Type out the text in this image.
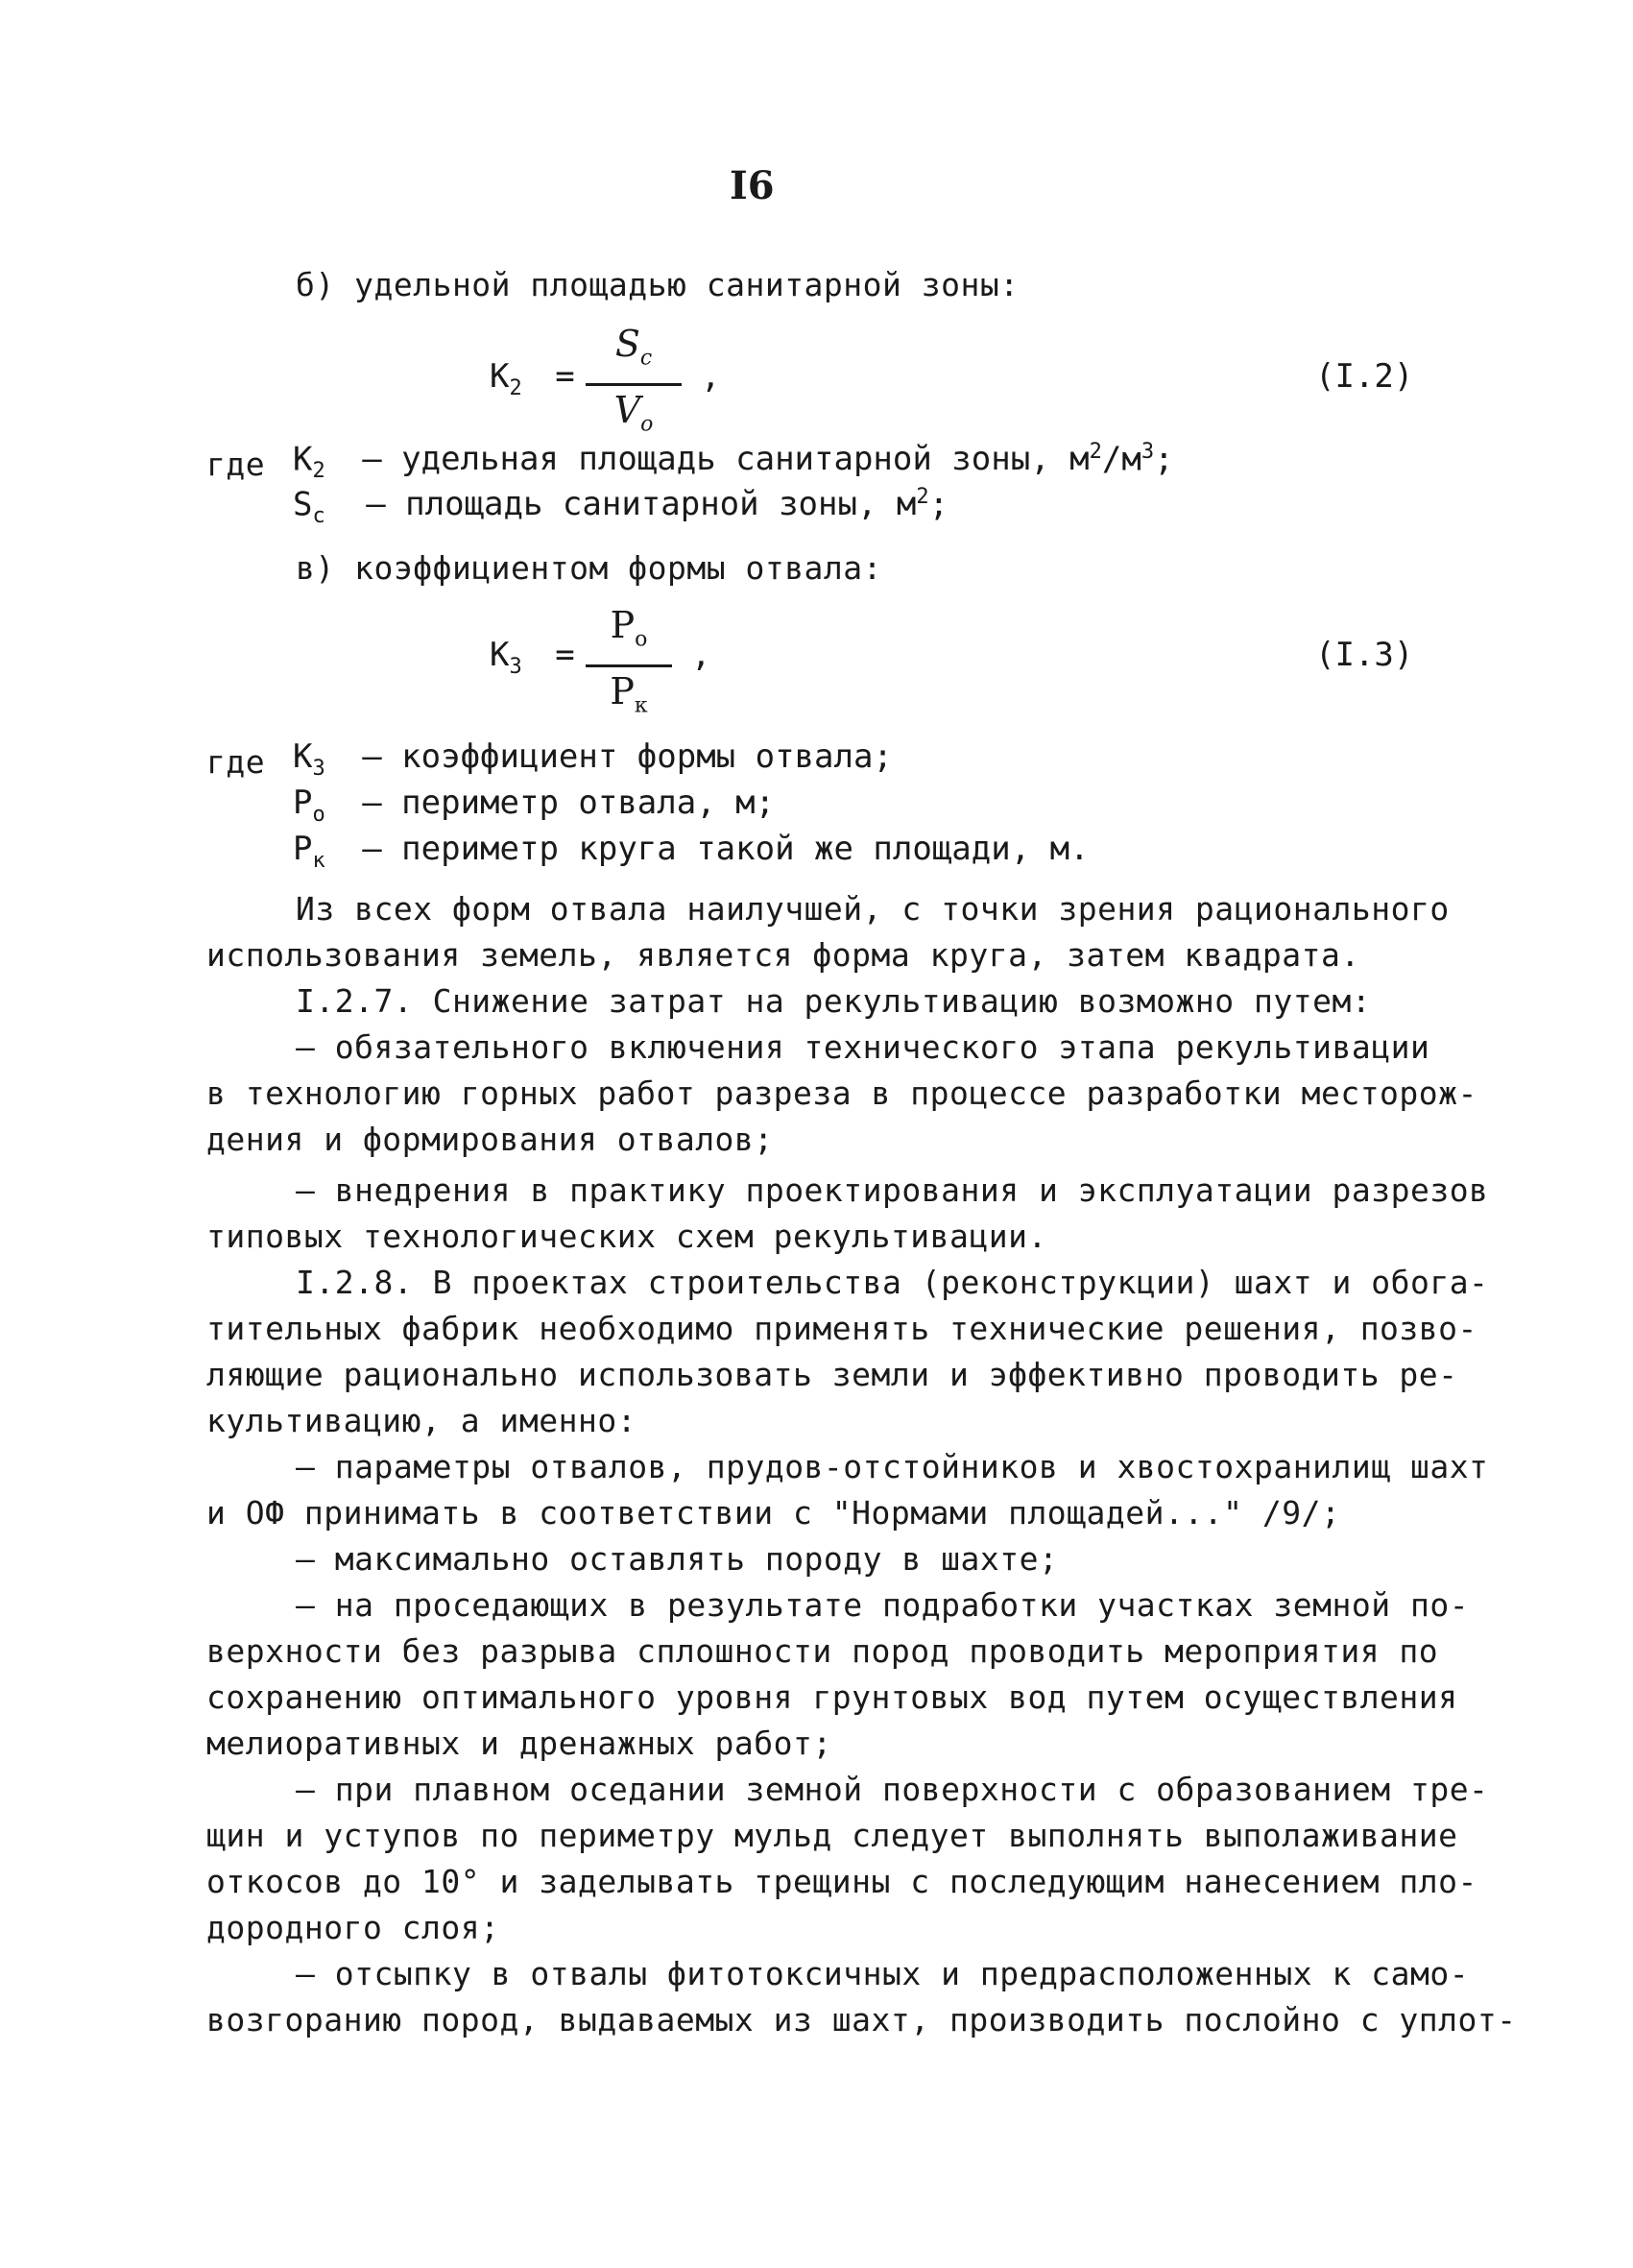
I6
б) удельной площадью санитарной зоны:
$K_2$ =
$S_c$
$V_o$
,	(I.2)
где $K_2$ – удельная площадь санитарной зоны, $м^2/м^3$;
$S_c$ – площадь санитарной зоны, $м^2$;
в) коэффициентом формы отвала:
$K_3$ =
$P_o$
$P_к$
,	(I.3)
где $K_3$ – коэффициент формы отвала;
$P_o$ – периметр отвала, м;
$P_к$ – периметр круга такой же площади, м.
Из всех форм отвала наилучшей, с точки зрения рационального
использования земель, является форма круга, затем квадрата.
I.2.7. Снижение затрат на рекультивацию возможно путем:
– обязательного включения технического этапа рекультивации
в технологию горных работ разреза в процессе разработки месторож-
дения и формирования отвалов;
– внедрения в практику проектирования и эксплуатации разрезов
типовых технологических схем рекультивации.
I.2.8. В проектах строительства (реконструкции) шахт и обога-
тительных фабрик необходимо применять технические решения, позво-
ляющие рационально использовать земли и эффективно проводить ре-
культивацию, а именно:
– параметры отвалов, прудов-отстойников и хвостохранилищ шахт
и ОФ принимать в соответствии с "Нормами площадей..." /9/;
– максимально оставлять породу в шахте;
– на проседающих в результате подработки участках земной по-
верхности без разрыва сплошности пород проводить мероприятия по
сохранению оптимального уровня грунтовых вод путем осуществления
мелиоративных и дренажных работ;
– при плавном оседании земной поверхности с образованием тре-
щин и уступов по периметру мульд следует выполнять выполаживание
откосов до 10° и заделывать трещины с последующим нанесением пло-
дородного слоя;
– отсыпку в отвалы фитотоксичных и предрасположенных к само-
возгоранию пород, выдаваемых из шахт, производить послойно с уплот-
